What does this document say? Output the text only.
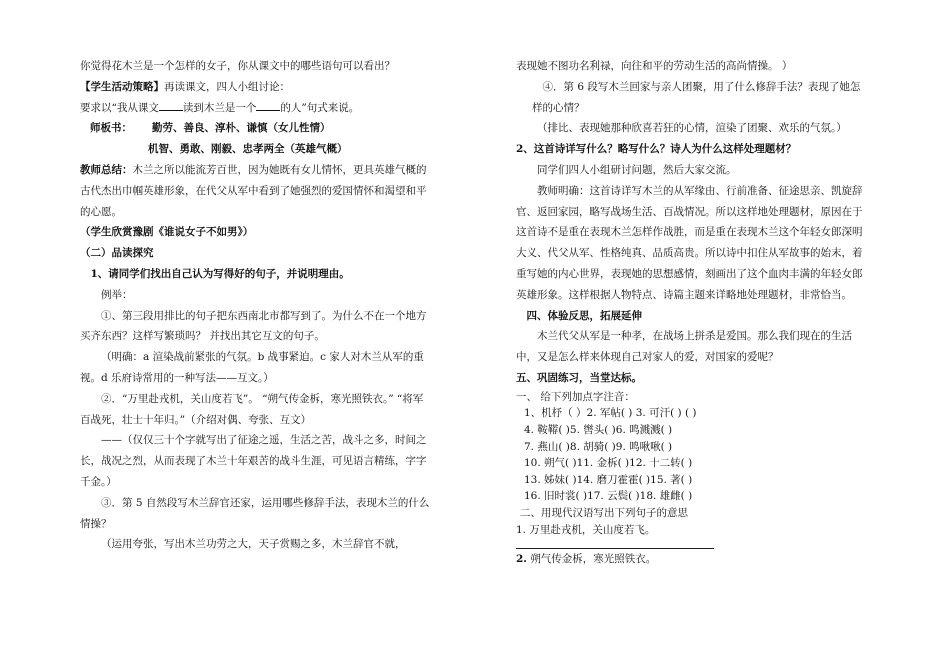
你觉得花木兰是一个怎样的女子，你从课文中的哪些语句可以看出？

【学生活动策略】再读课文，四人小组讨论：

要求以“我从课文 读到木兰是一个 的人”句式来说。

师板书： 勤劳、善良、淳朴、谦慎（女儿性情）

机智、勇敢、刚毅、忠孝两全（英雄气概）

教师总结：木兰之所以能流芳百世，因为她既有女儿情怀，更具英雄气概的古代杰出巾帼英雄形象，在代父从军中看到了她强烈的爱国情怀和渴望和平的心愿。

（学生欣赏豫剧《谁说女子不如男》）

（二）品读探究

1、请同学们找出自己认为写得好的句子，并说明理由。

例举：

①、第三段用排比的句子把东西南北市都写到了。为什么不在一个地方买齐东西？这样写繁琐吗？ 并找出其它互文的句子。

（明确：a 渲染战前紧张的气氛。b 战事紧迫。c 家人对木兰从军的重视。d 乐府诗常用的一种写法——互文。）

②．“万里赴戎机，关山度若飞”。 “朔气传金柝，寒光照铁衣。” “将军百战死，壮士十年归。”（介绍对偶、夸张、互文）

——（仅仅三十个字就写出了征途之遥，生活之苦，战斗之多，时间之长，战况之烈，从而表现了木兰十年艰苦的战斗生涯，可见语言精练，字字千金。）

③．第 5 自然段写木兰辞官还家，运用哪些修辞手法，表现木兰的什么情操？

（运用夸张，写出木兰功劳之大，天子赏赐之多，木兰辞官不就，

表现她不图功名利禄，向往和平的劳动生活的高尚情操。 ）

④．第 6 段写木兰回家与亲人团聚，用了什么修辞手法？表现了她怎样的心情？

（排比、表现她那种欣喜若狂的心情，渲染了团聚、欢乐的气氛。）

2、这首诗详写什么？略写什么？诗人为什么这样处理题材？

同学们四人小组研讨问题，然后大家交流。

教师明确：这首诗详写木兰的从军缘由、行前准备、征途思亲、凯旋辞官、返回家园，略写战场生活、百战情况。所以这样地处理题材，原因在于这首诗不是重在表现木兰怎样作战胜，而是重在表现木兰这个年轻女郎深明大义、代父从军、性格纯真、品质高贵。所以诗中扣住从军故事的始末，着重写她的内心世界，表现她的思想感情，刻画出了这个血肉丰满的年轻女郎英雄形象。这样根据人物特点、诗篇主题来详略地处理题材，非常恰当。

四、体验反思，拓展延伸

木兰代父从军是一种孝，在战场上拼杀是爱国。那么我们现在的生活中，又是怎么样来体现自己对家人的爱，对国家的爱呢？

五、巩固练习，当堂达标。

一、 给下列加点字注音：

1、机杼（ ）2. 军帖( ) 3. 可汗( ) ( )

4. 鞍鞯( )5. 辔头( )6. 鸣溅溅( )

7. 燕山( )8. 胡骑( )9. 鸣啾啾( )

10. 朔气( )11. 金柝( )12. 十二转( )

13. 姊妹( )14. 磨刀霍霍( )15. 著( )

16. 旧时裳( )17. 云鬓( )18. 雄雌( )

二、用现代汉语写出下列句子的意思

1. 万里赴戎机，关山度若飞。

2. 朔气传金柝，寒光照铁衣。
